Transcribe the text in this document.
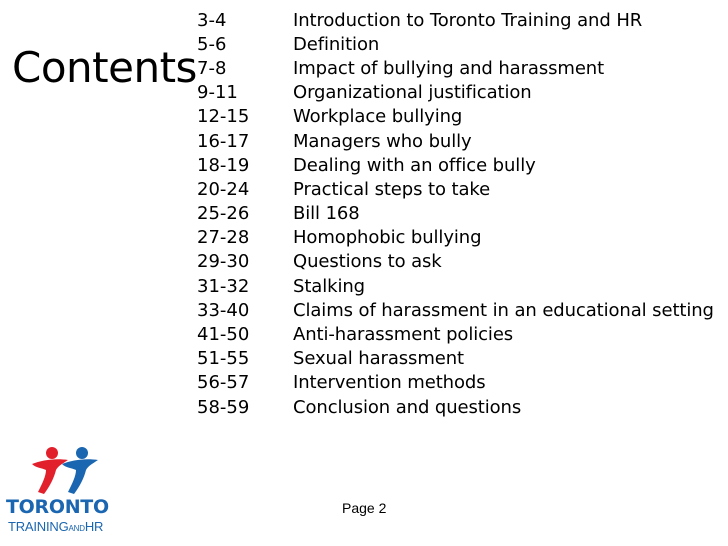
Contents
3-4	Introduction to Toronto Training and HR
5-6	Definition
7-8	Impact of bullying and harassment
9-11	Organizational justification
12-15	Workplace bullying
16-17	Managers who bully
18-19	Dealing with an office bully
20-24	Practical steps to take
25-26	Bill 168
27-28	Homophobic bullying
29-30	Questions to ask
31-32	Stalking
33-40	Claims of harassment in an educational setting
41-50	Anti-harassment policies
51-55	Sexual harassment
56-57	Intervention methods
58-59	Conclusion and questions
TORONTO
TRAININGANDHR
Page 2
